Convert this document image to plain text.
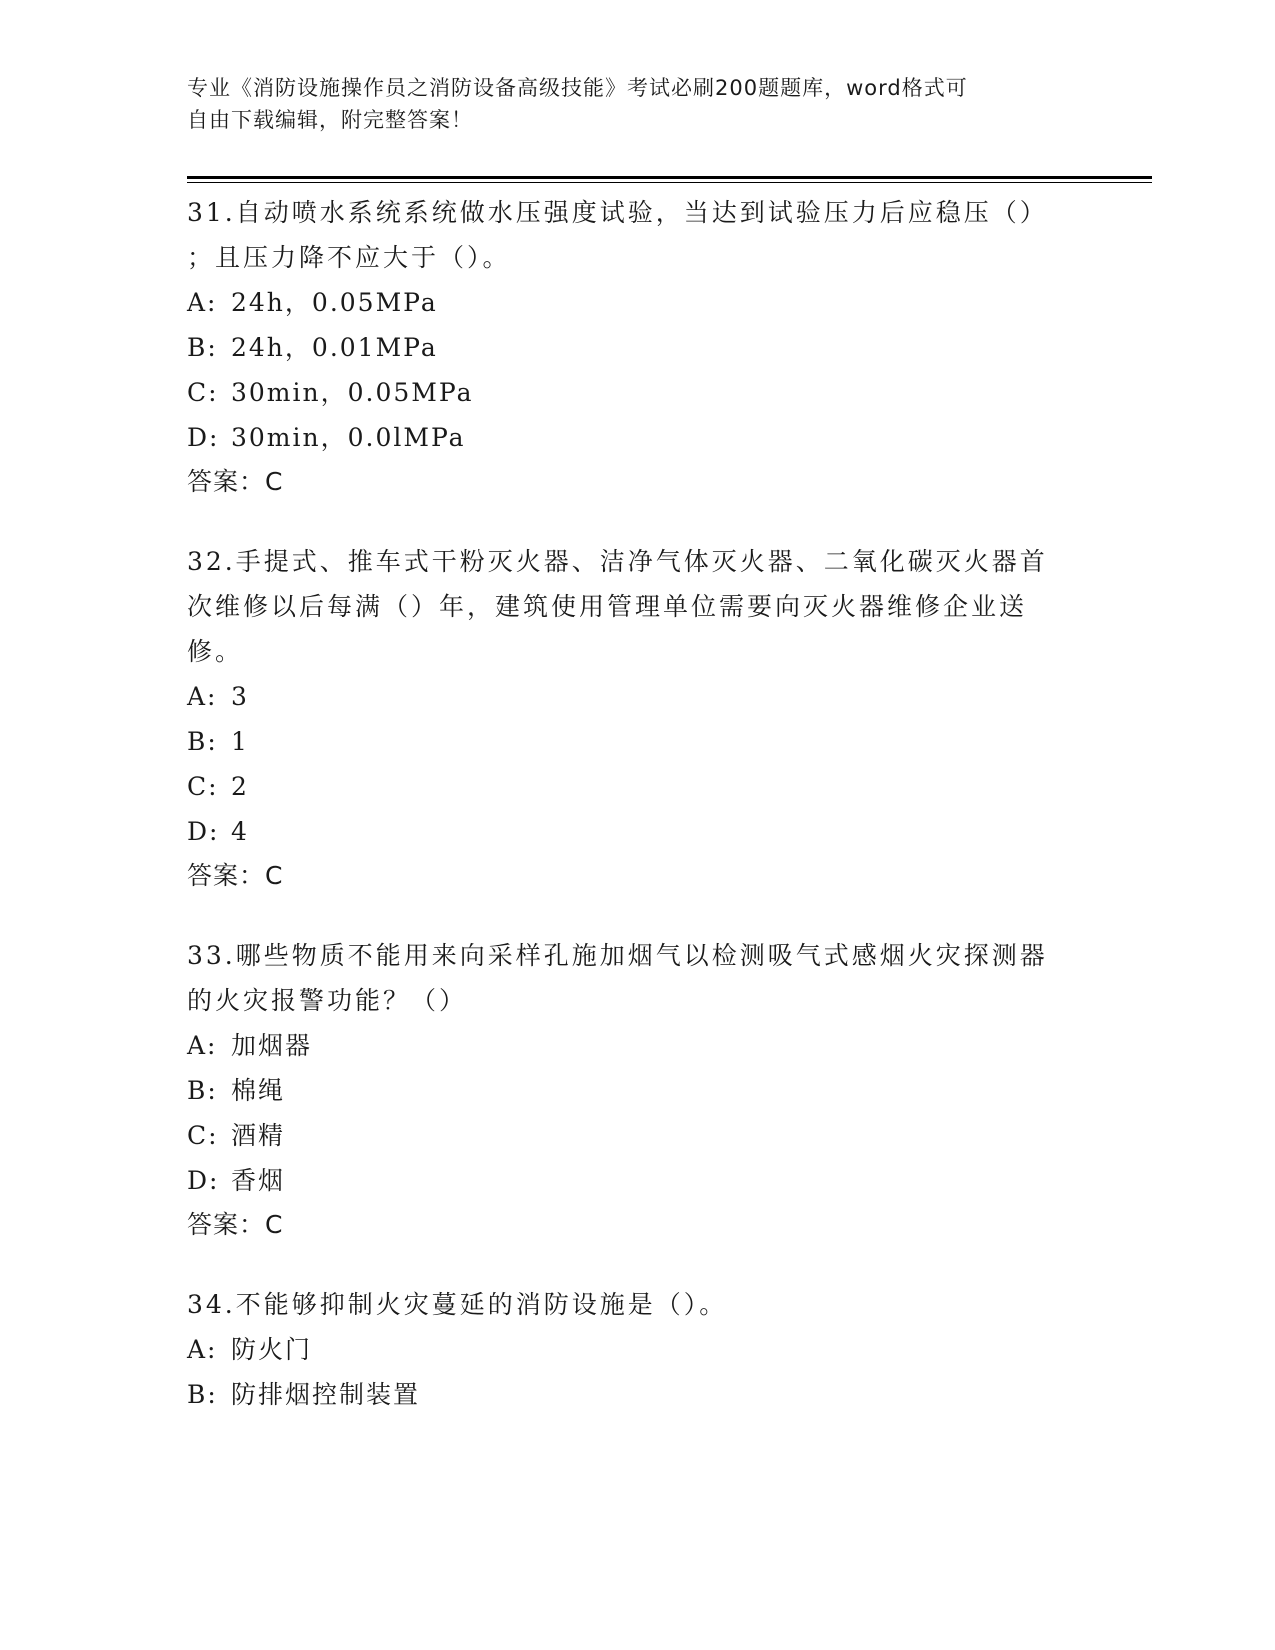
专业《消防设施操作员之消防设备高级技能》考试必刷200题题库，word格式可
自由下载编辑，附完整答案！
31.自动喷水系统系统做水压强度试验，当达到试验压力后应稳压（）
；且压力降不应大于（）。
A: 24h，0.05MPa
B: 24h，0.01MPa
C: 30min，0.05MPa
D: 30min，0.0lMPa
答案：C
32.手提式、推车式干粉灭火器、洁净气体灭火器、二氧化碳灭火器首
次维修以后每满（）年，建筑使用管理单位需要向灭火器维修企业送
修。
A: 3
B: 1
C: 2
D: 4
答案：C
33.哪些物质不能用来向采样孔施加烟气以检测吸气式感烟火灾探测器
的火灾报警功能？（）
A: 加烟器
B: 棉绳
C: 酒精
D: 香烟
答案：C
34.不能够抑制火灾蔓延的消防设施是（）。
A: 防火门
B: 防排烟控制装置
